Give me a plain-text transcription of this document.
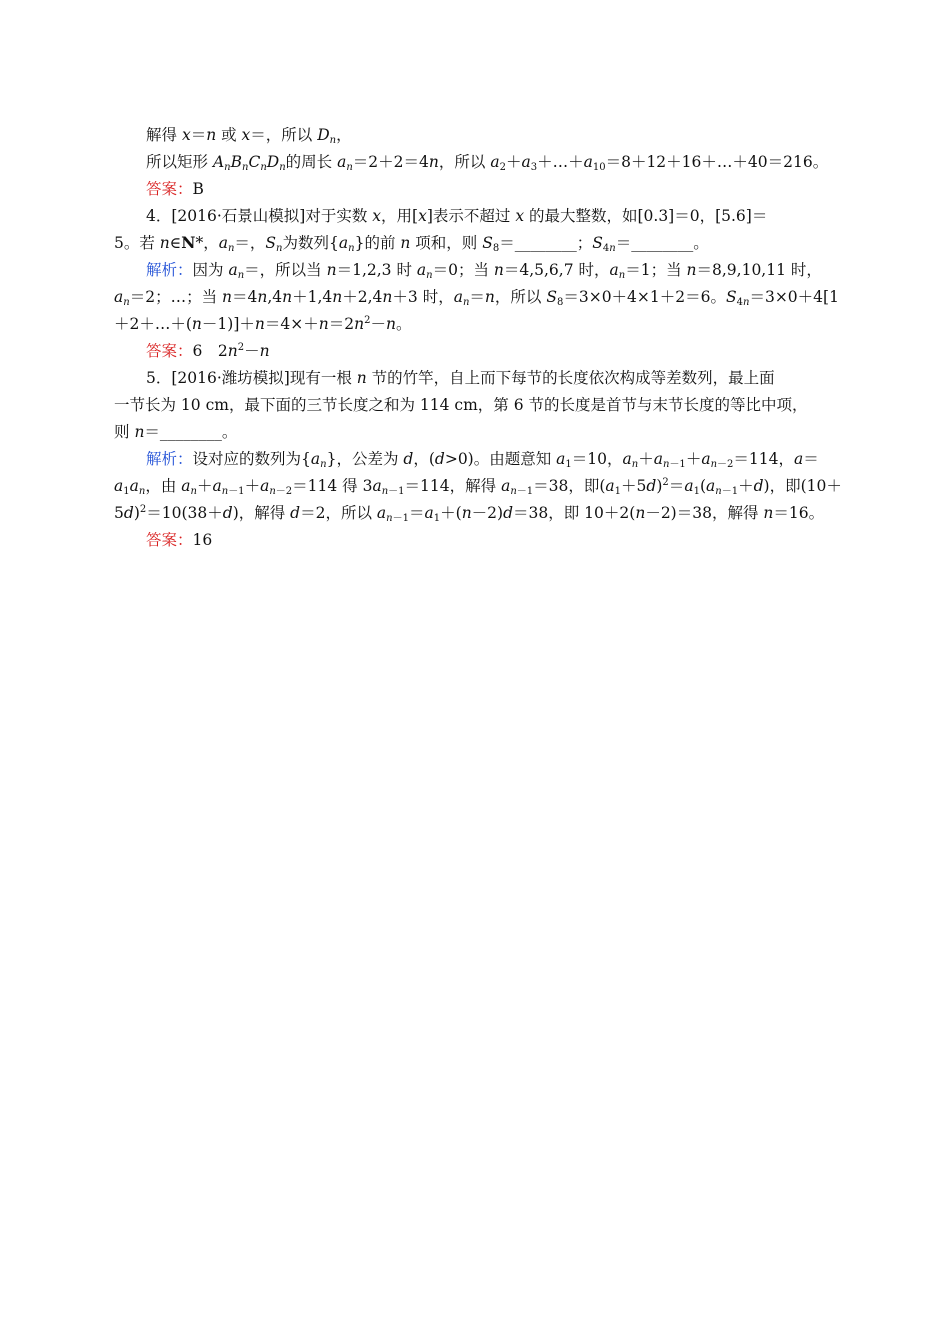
解得 x＝n 或 x＝，所以 $D_n$，
所以矩形 $A_nB_nC_nD_n$的周长 $a_n=2+2=4n$，所以 $a_2+a_3+\dots+a_{10}=8+12+16+\dots+40=216$。
答案：B
4．[2016·石景山模拟]对于实数 x，用[x]表示不超过 x 的最大整数，如[0.3]＝0，[5.6]＝
5。若 n∈N*，$a_n=$，$S_n$为数列$\{a_n\}$的前 n 项和，则 $S_8=\_\_\_\_\_\_\_\_$；$S_{4n}=\_\_\_\_\_\_\_\_$。
解析：因为 $a_n=$，所以当 n＝1,2,3 时 $a_n=0$；当 n＝4,5,6,7 时，$a_n=1$；当 n＝8,9,10,11 时，
$a_n=2$；…；当 n＝4n,4n＋1,4n＋2,4n＋3 时，$a_n=n$，所以 $S_8=3\times 0+4\times 1+2=6$。$S_{4n}=3\times 0+4[1$
$+2+\dots+(n-1)]+n=4\times+n=2n^2-n$。
答案：6　$2n^2-n$
5．[2016·潍坊模拟]现有一根 n 节的竹竿，自上而下每节的长度依次构成等差数列，最上面
一节长为 10 cm，最下面的三节长度之和为 114 cm，第 6 节的长度是首节与末节长度的等比中项，
则 n＝________。
解析：设对应的数列为$\{a_n\}$，公差为 d，(d>0)。由题意知 $a_1=10$，$a_n+a_{n-1}+a_{n-2}=114$，a＝
$a_1a_n$，由 $a_n+a_{n-1}+a_{n-2}=114$ 得 $3a_{n-1}=114$，解得 $a_{n-1}=38$，即$(a_1+5d)^2=a_1(a_{n-1}+d)$，即(10＋
5d)$^2$＝10(38＋d)，解得 d＝2，所以 $a_{n-1}=a_1+(n-2)d=38$，即 10＋2(n－2)＝38，解得 n＝16。
答案：16
